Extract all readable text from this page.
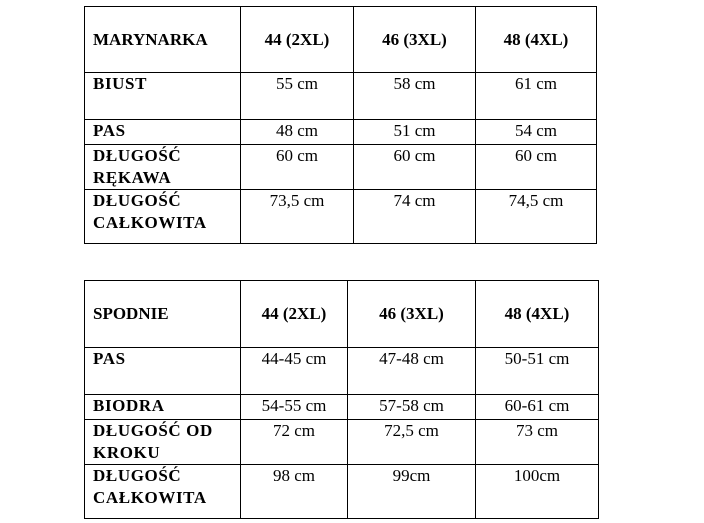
MARYNARKA	44 (2XL)	46 (3XL)	48 (4XL)
BIUST	55 cm	58 cm	61 cm
PAS	48 cm	51 cm	54 cm
DŁUGOŚĆ
RĘKAWA	60 cm	60 cm	60 cm
DŁUGOŚĆ
CAŁKOWITA	73,5 cm	74 cm	74,5 cm
SPODNIE	44 (2XL)	46 (3XL)	48 (4XL)
PAS	44-45 cm	47-48 cm	50-51 cm
BIODRA	54-55 cm	57-58 cm	60-61 cm
DŁUGOŚĆ OD
KROKU	72 cm	72,5 cm	73 cm
DŁUGOŚĆ
CAŁKOWITA	98 cm	99cm	100cm
